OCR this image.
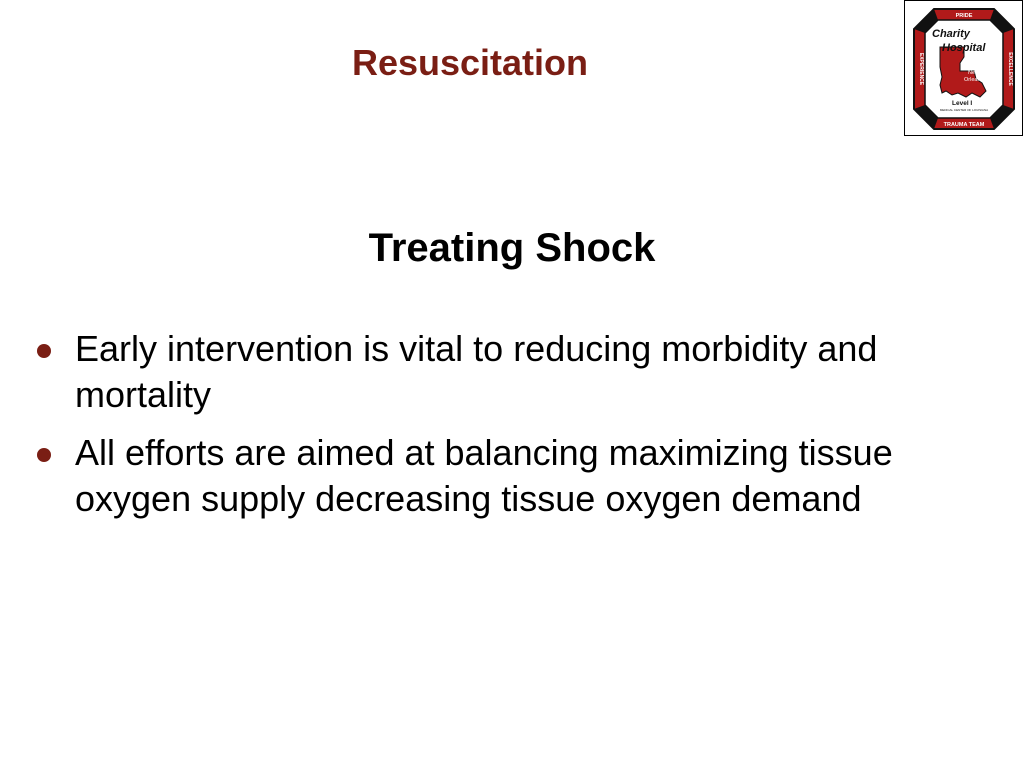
Resuscitation
PRIDE
TRAUMA TEAM
EXPERIENCE	EXCELLENCE
Charity
Hospital
New
Orleans
Level I
MEDICAL CENTER OF LOUISIANA
Treating Shock
Early intervention is vital to reducing morbidity and mortality
All efforts are aimed at balancing maximizing tissue oxygen supply decreasing tissue oxygen demand
